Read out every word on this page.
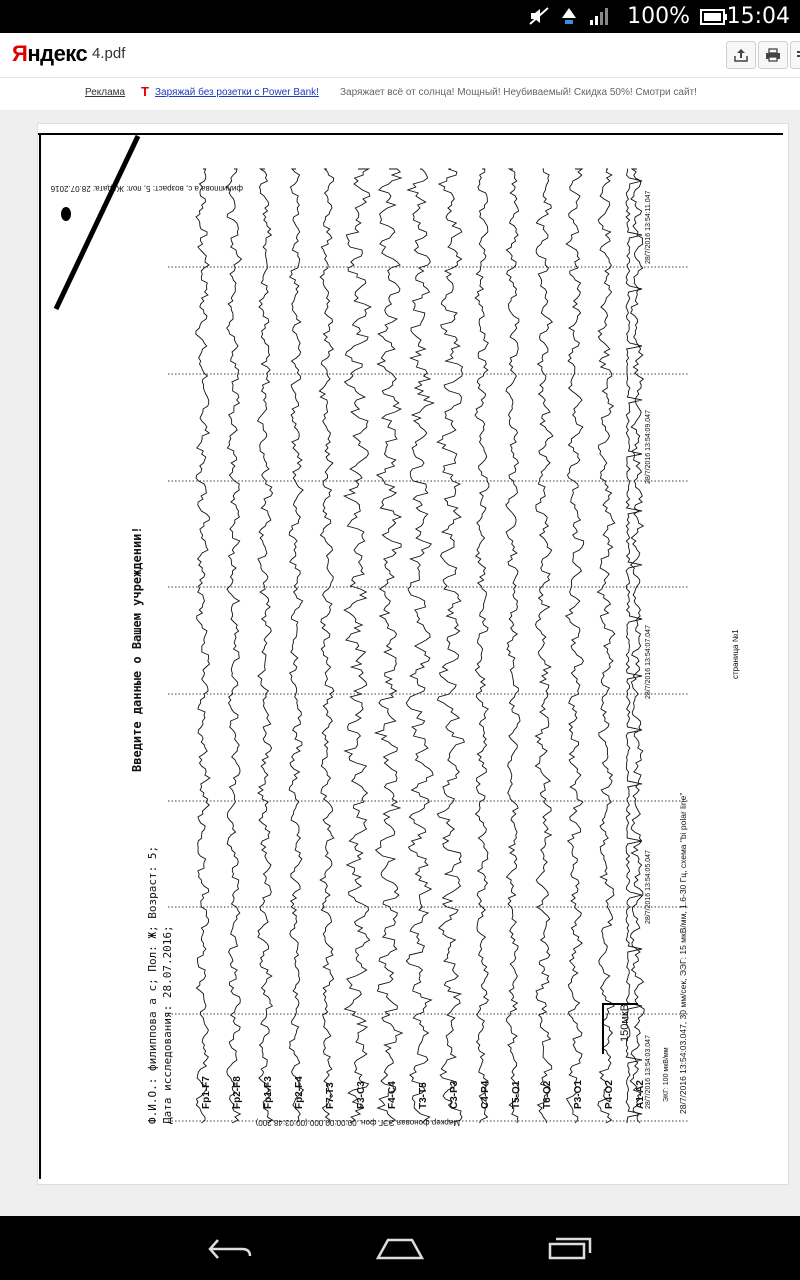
100% 15:04
Яндекс 4.pdf
Реклама T Заряжай без розетки с Power Bank! Заряжает всё от солнца! Мощный! Неубиваемый! Скидка 50%! Смотри сайт!
Введите данные о Вашем учреждении!
Ф.И.О.: филиппова а с; Пол: Ж; Возраст: 5; Дата исследования: 28.07.2016;
филиппова а с, возраст: 5, пол: Ж; дата: 28.07.2016
Маркер фоновая ЭЭГ фон. 00:00:00.000 (00:03:48.200)
28/7/2016 13:54:03.047, 30 мм/сек, ЭЭГ: 15 мкВ/мм, 1.6-30 Гц, схема "bi polar line"
страница №1
150мкВ
ЭКГ: 100 мкВ/мм
Fp1-F7 Fp2-F8 Fp1-F3 Fp2-F4 F7-T3 F3-C3 F4-C4 T3-T5 C3-P3 C4-P4 T5-O1 T6-O2 P3-O1 P4-O2 A1-A2 28/7/2016 13:54:03.047
28/7/2016 13:54:05.047
28/7/2016 13:54:07.047
28/7/2016 13:54:09.047
28/7/2016 13:54:11.047
